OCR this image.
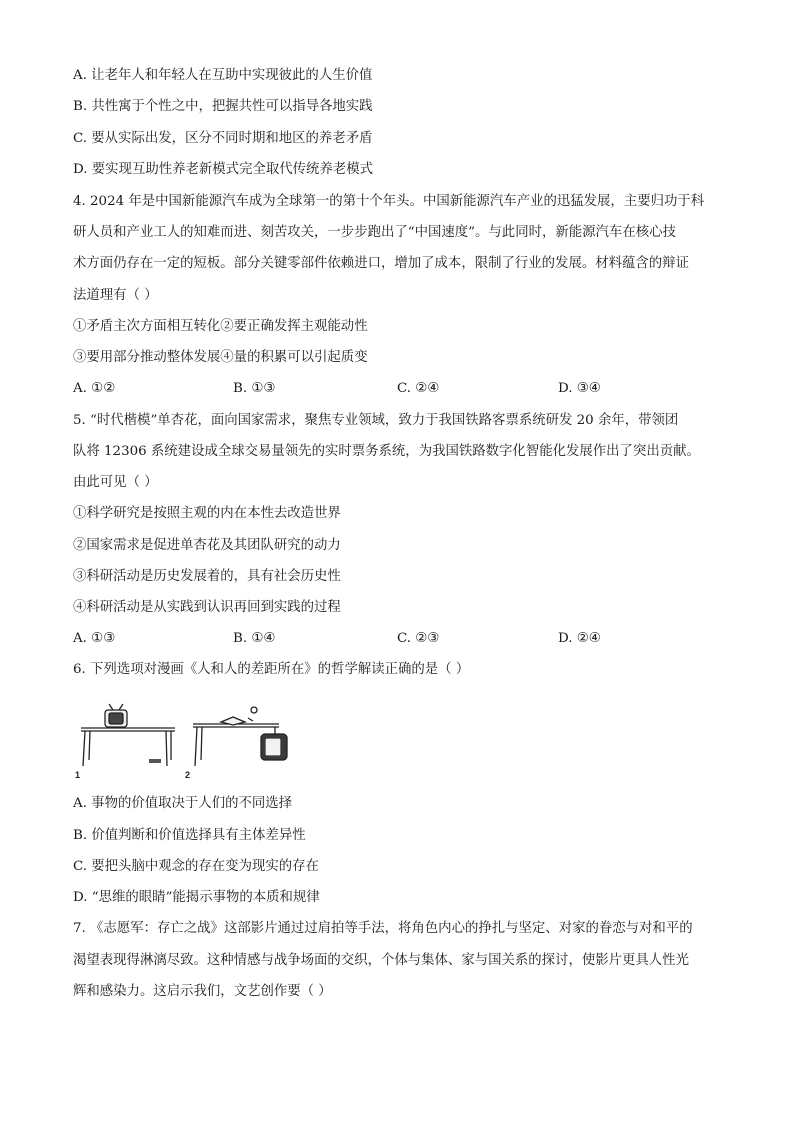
A. 让老年人和年轻人在互助中实现彼此的人生价值
B. 共性寓于个性之中，把握共性可以指导各地实践
C. 要从实际出发，区分不同时期和地区的养老矛盾
D. 要实现互助性养老新模式完全取代传统养老模式
4. 2024 年是中国新能源汽车成为全球第一的第十个年头。中国新能源汽车产业的迅猛发展，主要归功于科
研人员和产业工人的知难而进、刻苦攻关，一步步跑出了“中国速度”。与此同时，新能源汽车在核心技
术方面仍存在一定的短板。部分关键零部件依赖进口，增加了成本，限制了行业的发展。材料蕴含的辩证
法道理有（ ）
①矛盾主次方面相互转化②要正确发挥主观能动性
③要用部分推动整体发展④量的积累可以引起质变
A. ①②	B. ①③	C. ②④	D. ③④
5. “时代楷模”单杏花，面向国家需求，聚焦专业领域，致力于我国铁路客票系统研发 20 余年，带领团
队将 12306 系统建设成全球交易量领先的实时票务系统，为我国铁路数字化智能化发展作出了突出贡献。
由此可见（ ）
①科学研究是按照主观的内在本性去改造世界
②国家需求是促进单杏花及其团队研究的动力
③科研活动是历史发展着的，具有社会历史性
④科研活动是从实践到认识再回到实践的过程
A. ①③	B. ①④	C. ②③	D. ②④
6. 下列选项对漫画《人和人的差距所在》的哲学解读正确的是（ ）
1	2
A. 事物的价值取决于人们的不同选择
B. 价值判断和价值选择具有主体差异性
C. 要把头脑中观念的存在变为现实的存在
D. “思维的眼睛”能揭示事物的本质和规律
7. 《志愿军：存亡之战》这部影片通过过肩拍等手法，将角色内心的挣扎与坚定、对家的眷恋与对和平的
渴望表现得淋漓尽致。这种情感与战争场面的交织，个体与集体、家与国关系的探讨，使影片更具人性光
辉和感染力。这启示我们，文艺创作要（ ）
